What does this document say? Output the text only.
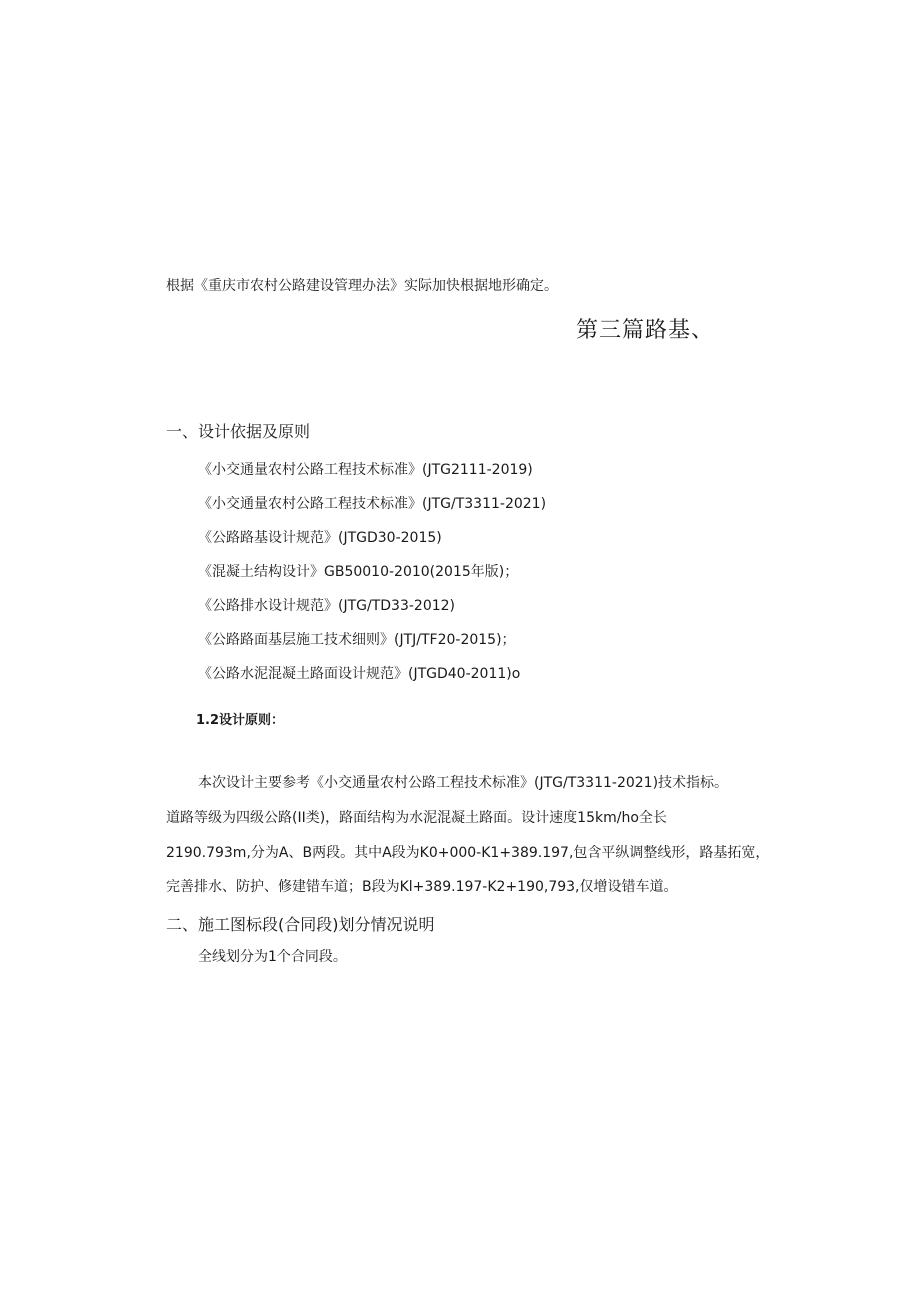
根据《重庆市农村公路建设管理办法》实际加快根据地形确定。
第三篇路基、
一、设计依据及原则
《小交通量农村公路工程技术标准》(JTG2111-2019)
《小交通量农村公路工程技术标准》(JTG/T3311-2021)
《公路路基设计规范》(JTGD30-2015)
《混凝土结构设计》GB50010-2010(2015年版)；
《公路排水设计规范》(JTG/TD33-2012)
《公路路面基层施工技术细则》(JTJ/TF20-2015)；
《公路水泥混凝土路面设计规范》(JTGD40-2011)o
1.2设计原则：
本次设计主要参考《小交通量农村公路工程技术标准》(JTG/T3311-2021)技术指标。
道路等级为四级公路(II类)，路面结构为水泥混凝土路面。设计速度15km/ho全长
2190.793m,分为A、B两段。其中A段为K0+000-K1+389.197,包含平纵调整线形，路基拓宽，
完善排水、防护、修建错车道；B段为Kl+389.197-K2+190,793,仅增设错车道。
二、施工图标段(合同段)划分情况说明
全线划分为1个合同段。
